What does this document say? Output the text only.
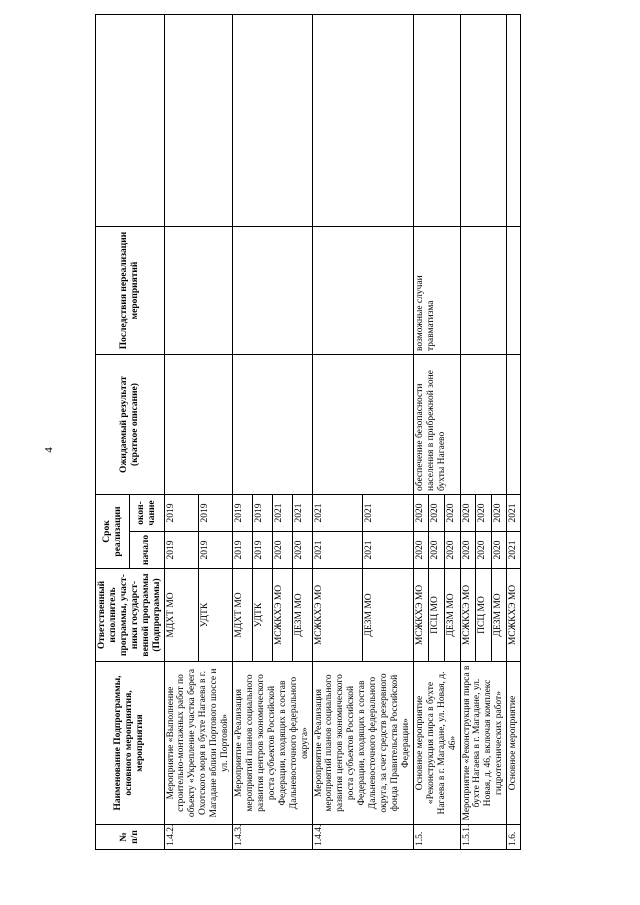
4
№ п/п	Наименование Подпрограммы, основного мероприятия, мероприятия	Ответственный исполнитель программы, участ-ники государст-венной программы (Подпрограммы)	Срок реализации		Ожидаемый результат (краткое описание)	Последствия нереализации мероприятий	
			начало	окон-чание			
1.4.2.	Мероприятие «Выполнение строительно-монтажных работ по объекту «Укрепление участка берега Охотского моря в бухте Нагаева в г. Магадане вблизи Портового шоссе и ул. Портовой»	МДХТ МО	2019	2019			
		УДТК	2019	2019			
1.4.3.	Мероприятие «Реализация мероприятий планов социального развития центров экономического роста субъектов Российской Федерации, входящих в состав Дальневосточного федерального округа»	МДХТ МО	2019	2019			
		УДТК	2019	2019			
		МСЖКХЭ МО	2020	2021			
		ДЕЗМ МО	2020	2021			
1.4.4.	Мероприятие «Реализация мероприятий планов социального развития центров экономического роста субъектов Российской Федерации, входящих в состав Дальневосточного федерального округа, за счет средств резервного фонда Правительства Российской Федерации»	МСЖКХЭ МО	2021	2021			
		ДЕЗМ МО	2021	2021			
1.5.	Основное мероприятие «Реконструкция пирса в бухте Нагаева в г. Магадане, ул. Новая, д. 46»	МСЖКХЭ МО	2020	2020	обеспечение безопасности населения в прибрежной зоне бухты Нагаево	возможные случаи травматизма	
		ПСЦ МО	2020	2020			
		ДЕЗМ МО	2020	2020			
1.5.1.	Мероприятие «Реконструкция пирса в бухте Нагаева в г. Магадане, ул. Новая, д. 46, включая комплекс гидротехнических работ»	МСЖКХЭ МО	2020	2020			
		ПСЦ МО	2020	2020			
		ДЕЗМ МО	2020	2020			
1.6.	Основное мероприятие	МСЖКХЭ МО	2021	2021			
